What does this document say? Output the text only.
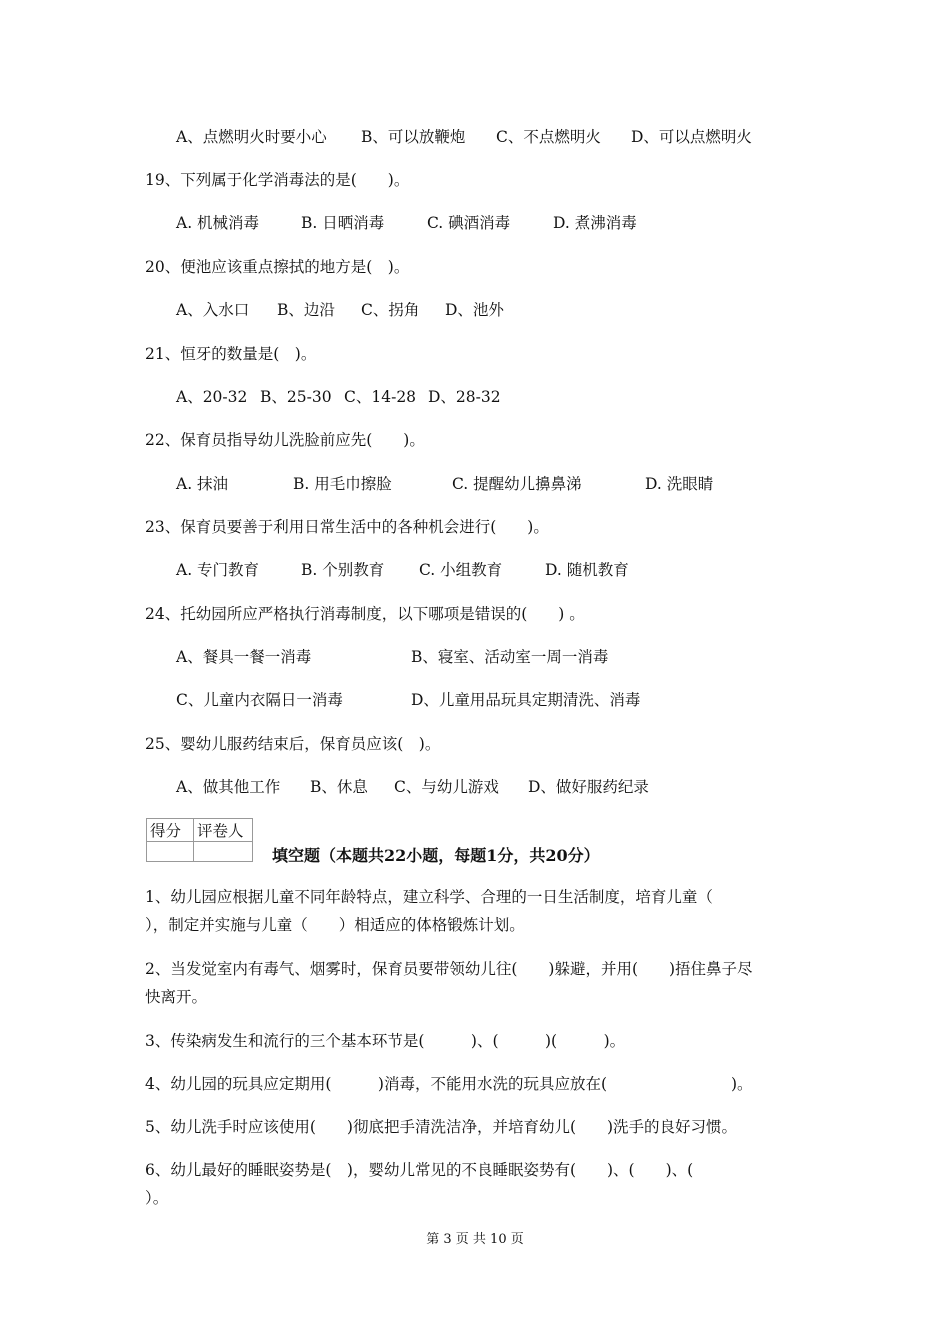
A、点燃明火时要小心 B、可以放鞭炮 C、不点燃明火 D、可以点燃明火
19、下列属于化学消毒法的是(　　)。
A. 机械消毒	B. 日晒消毒	C. 碘酒消毒	D. 煮沸消毒
20、便池应该重点擦拭的地方是(　)。
A、入水口 B、边沿 C、拐角 D、池外
21、恒牙的数量是(　)。
A、20-32 B、25-30 C、14-28 D、28-32
22、保育员指导幼儿洗脸前应先(　　)。
A. 抹油	B. 用毛巾擦脸	C. 提醒幼儿擤鼻涕	D. 洗眼睛
23、保育员要善于利用日常生活中的各种机会进行(　　)。
A. 专门教育	B. 个别教育 C. 小组教育	D. 随机教育
24、托幼园所应严格执行消毒制度，以下哪项是错误的(　　) 。
A、餐具一餐一消毒	B、寝室、活动室一周一消毒
C、儿童内衣隔日一消毒	D、儿童用品玩具定期清洗、消毒
25、婴幼儿服药结束后，保育员应该(　)。
A、做其他工作 B、休息 C、与幼儿游戏 D、做好服药纪录
得分	评卷人

填空题（本题共22小题，每题1分，共20分）
1、幼儿园应根据儿童不同年龄特点，建立科学、合理的一日生活制度，培育儿童（
），制定并实施与儿童（　　）相适应的体格锻炼计划。
2、当发觉室内有毒气、烟雾时，保育员要带领幼儿往(　　)躲避，并用(　　)捂住鼻子尽
快离开。
3、传染病发生和流行的三个基本环节是(　　　)、(　　　)(　　　)。
4、幼儿园的玩具应定期用(　　　)消毒，不能用水洗的玩具应放在(　　　　　　　　)。
5、幼儿洗手时应该使用(　　)彻底把手清洗洁净，并培育幼儿(　　)洗手的良好习惯。
6、幼儿最好的睡眠姿势是(　)，婴幼儿常见的不良睡眠姿势有(　　)、(　　)、(
）。
第 3 页 共 10 页
